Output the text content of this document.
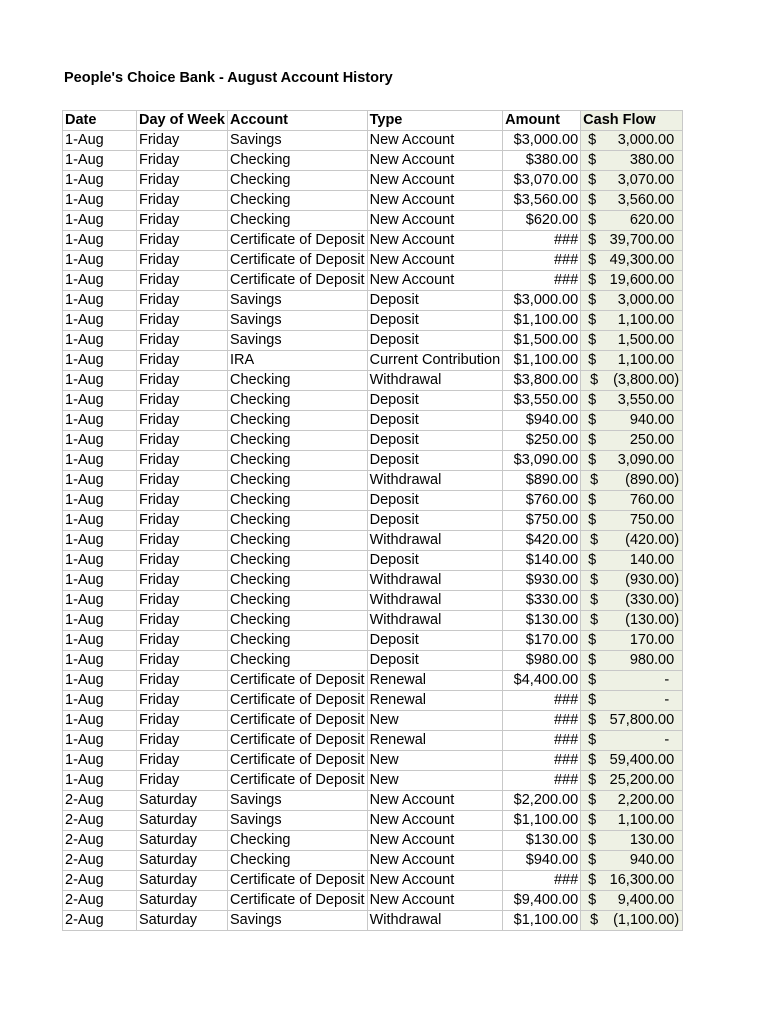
People's Choice Bank - August Account History
Date	Day of Week	Account	Type	Amount	Cash Flow
1-Aug	Friday	Savings	New Account	$3,000.00	$ 3,000.00

1-Aug	Friday	Checking	New Account	$380.00	$ 380.00

1-Aug	Friday	Checking	New Account	$3,070.00	$ 3,070.00

1-Aug	Friday	Checking	New Account	$3,560.00	$ 3,560.00

1-Aug	Friday	Checking	New Account	$620.00	$ 620.00

1-Aug	Friday	Certificate of Deposit	New Account	###	$ 39,700.00

1-Aug	Friday	Certificate of Deposit	New Account	###	$ 49,300.00

1-Aug	Friday	Certificate of Deposit	New Account	###	$ 19,600.00

1-Aug	Friday	Savings	Deposit	$3,000.00	$ 3,000.00

1-Aug	Friday	Savings	Deposit	$1,100.00	$ 1,100.00

1-Aug	Friday	Savings	Deposit	$1,500.00	$ 1,500.00

1-Aug	Friday	IRA	Current Contribution	$1,100.00	$ 1,100.00

1-Aug	Friday	Checking	Withdrawal	$3,800.00	$ (3,800.00)

1-Aug	Friday	Checking	Deposit	$3,550.00	$ 3,550.00

1-Aug	Friday	Checking	Deposit	$940.00	$ 940.00

1-Aug	Friday	Checking	Deposit	$250.00	$ 250.00

1-Aug	Friday	Checking	Deposit	$3,090.00	$ 3,090.00

1-Aug	Friday	Checking	Withdrawal	$890.00	$ (890.00)

1-Aug	Friday	Checking	Deposit	$760.00	$ 760.00

1-Aug	Friday	Checking	Deposit	$750.00	$ 750.00

1-Aug	Friday	Checking	Withdrawal	$420.00	$ (420.00)

1-Aug	Friday	Checking	Deposit	$140.00	$ 140.00

1-Aug	Friday	Checking	Withdrawal	$930.00	$ (930.00)

1-Aug	Friday	Checking	Withdrawal	$330.00	$ (330.00)

1-Aug	Friday	Checking	Withdrawal	$130.00	$ (130.00)

1-Aug	Friday	Checking	Deposit	$170.00	$ 170.00

1-Aug	Friday	Checking	Deposit	$980.00	$ 980.00

1-Aug	Friday	Certificate of Deposit	Renewal	$4,400.00	$ -

1-Aug	Friday	Certificate of Deposit	Renewal	###	$ -

1-Aug	Friday	Certificate of Deposit	New	###	$ 57,800.00

1-Aug	Friday	Certificate of Deposit	Renewal	###	$ -

1-Aug	Friday	Certificate of Deposit	New	###	$ 59,400.00

1-Aug	Friday	Certificate of Deposit	New	###	$ 25,200.00

2-Aug	Saturday	Savings	New Account	$2,200.00	$ 2,200.00

2-Aug	Saturday	Savings	New Account	$1,100.00	$ 1,100.00

2-Aug	Saturday	Checking	New Account	$130.00	$ 130.00

2-Aug	Saturday	Checking	New Account	$940.00	$ 940.00

2-Aug	Saturday	Certificate of Deposit	New Account	###	$ 16,300.00

2-Aug	Saturday	Certificate of Deposit	New Account	$9,400.00	$ 9,400.00

2-Aug	Saturday	Savings	Withdrawal	$1,100.00	$ (1,100.00)
